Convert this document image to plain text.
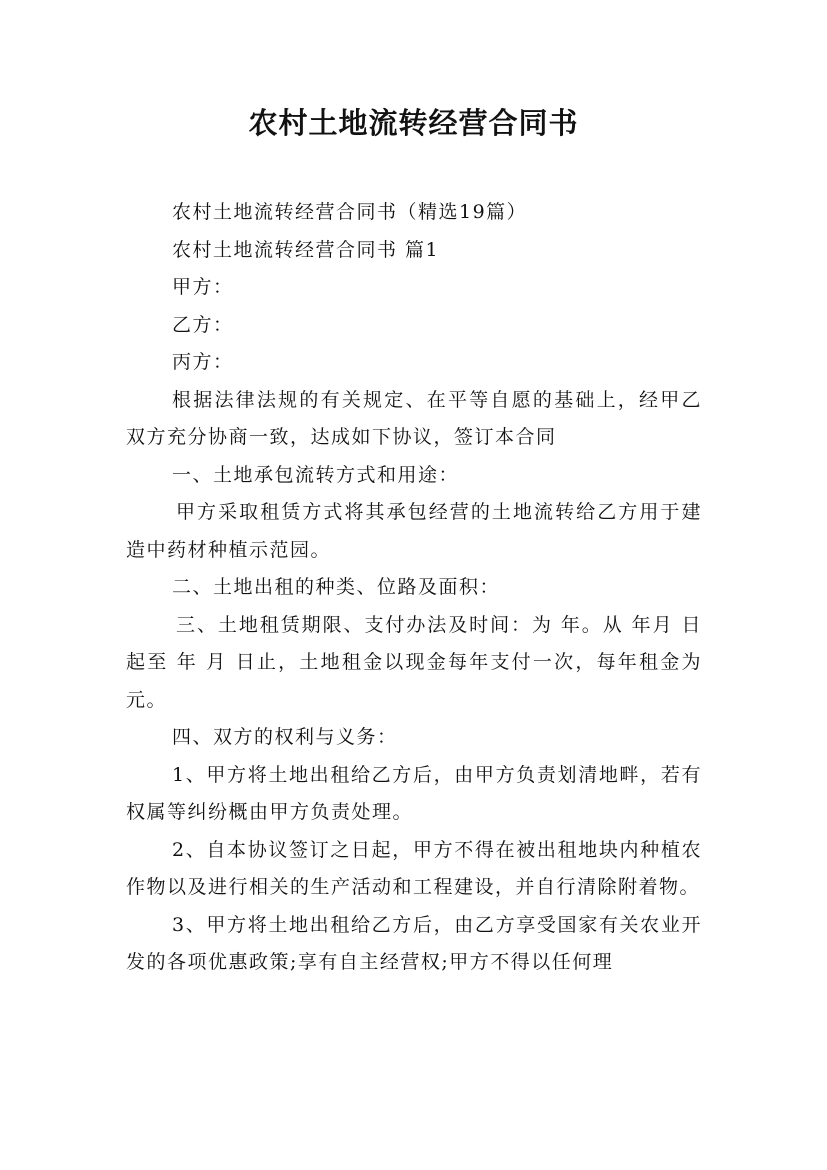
农村土地流转经营合同书

农村土地流转经营合同书（精选19篇）

农村土地流转经营合同书 篇1

甲方：

乙方：

丙方：

根据法律法规的有关规定、在平等自愿的基础上，经甲乙双方充分协商一致，达成如下协议，签订本合同

一、土地承包流转方式和用途：

甲方采取租赁方式将其承包经营的土地流转给乙方用于建造中药材种植示范园。

二、土地出租的种类、位路及面积：

三、土地租赁期限、支付办法及时间：为 年。从 年月 日起至 年 月 日止，土地租金以现金每年支付一次，每年租金为 元。

四、双方的权利与义务：

1、甲方将土地出租给乙方后，由甲方负责划清地畔，若有权属等纠纷概由甲方负责处理。

2、自本协议签订之日起，甲方不得在被出租地块内种植农作物以及进行相关的生产活动和工程建设，并自行清除附着物。

3、甲方将土地出租给乙方后，由乙方享受国家有关农业开发的各项优惠政策;享有自主经营权;甲方不得以任何理
